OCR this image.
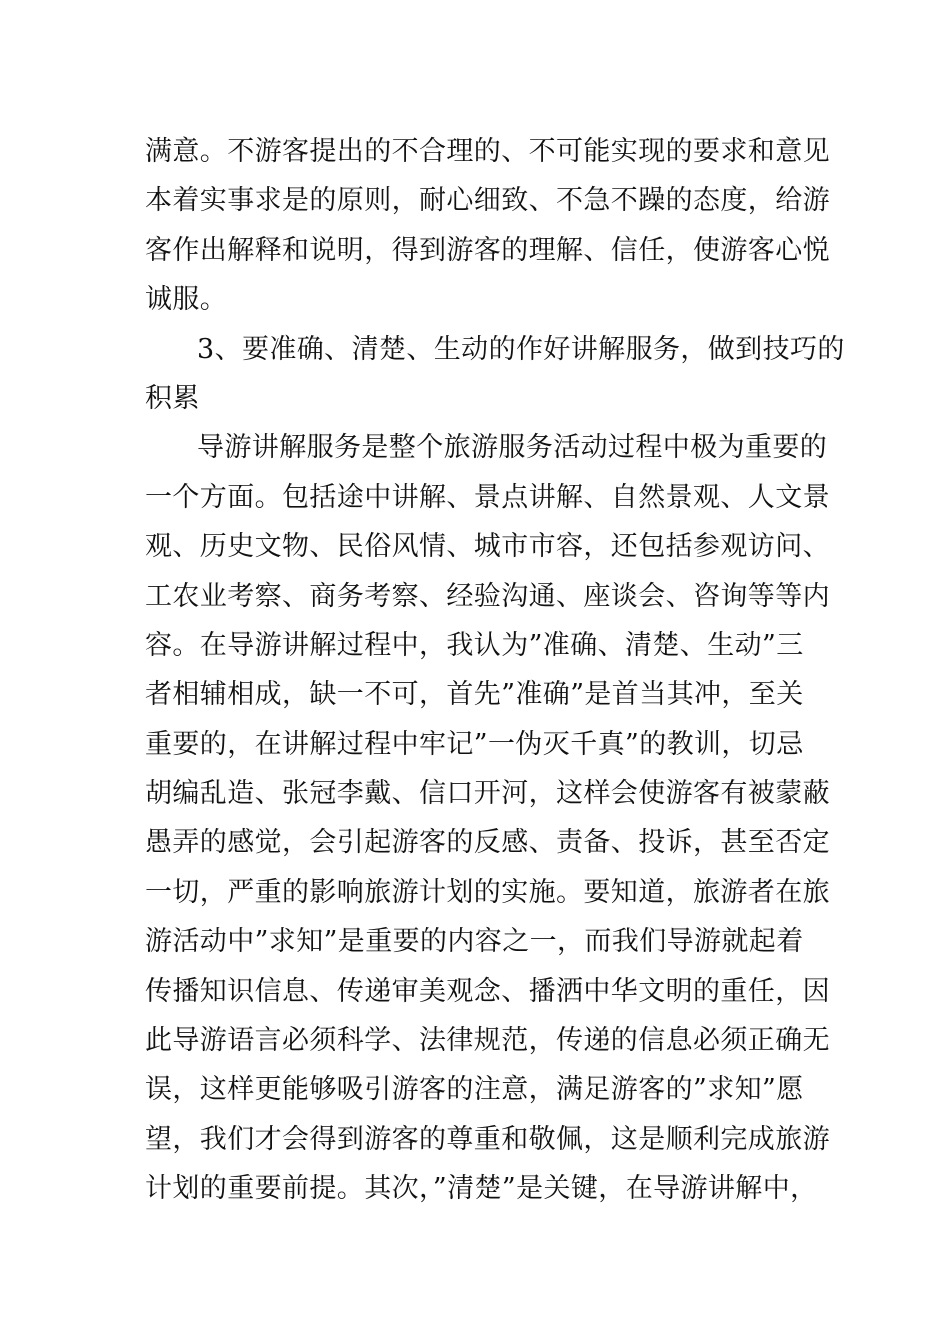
满意。不游客提出的不合理的、不可能实现的要求和意见
本着实事求是的原则，耐心细致、不急不躁的态度，给游
客作出解释和说明，得到游客的理解、信任，使游客心悦
诚服。
3、要准确、清楚、生动的作好讲解服务，做到技巧的
积累
导游讲解服务是整个旅游服务活动过程中极为重要的
一个方面。包括途中讲解、景点讲解、自然景观、人文景
观、历史文物、民俗风情、城市市容，还包括参观访问、
工农业考察、商务考察、经验沟通、座谈会、咨询等等内
容。在导游讲解过程中，我认为”准确、清楚、生动”三
者相辅相成，缺一不可，首先”准确”是首当其冲，至关
重要的，在讲解过程中牢记”一伪灭千真”的教训，切忌
胡编乱造、张冠李戴、信口开河，这样会使游客有被蒙蔽
愚弄的感觉，会引起游客的反感、责备、投诉，甚至否定
一切，严重的影响旅游计划的实施。要知道，旅游者在旅
游活动中”求知”是重要的内容之一，而我们导游就起着
传播知识信息、传递审美观念、播洒中华文明的重任，因
此导游语言必须科学、法律规范，传递的信息必须正确无
误，这样更能够吸引游客的注意，满足游客的”求知”愿
望，我们才会得到游客的尊重和敬佩，这是顺利完成旅游
计划的重要前提。其次，”清楚”是关键，在导游讲解中，
